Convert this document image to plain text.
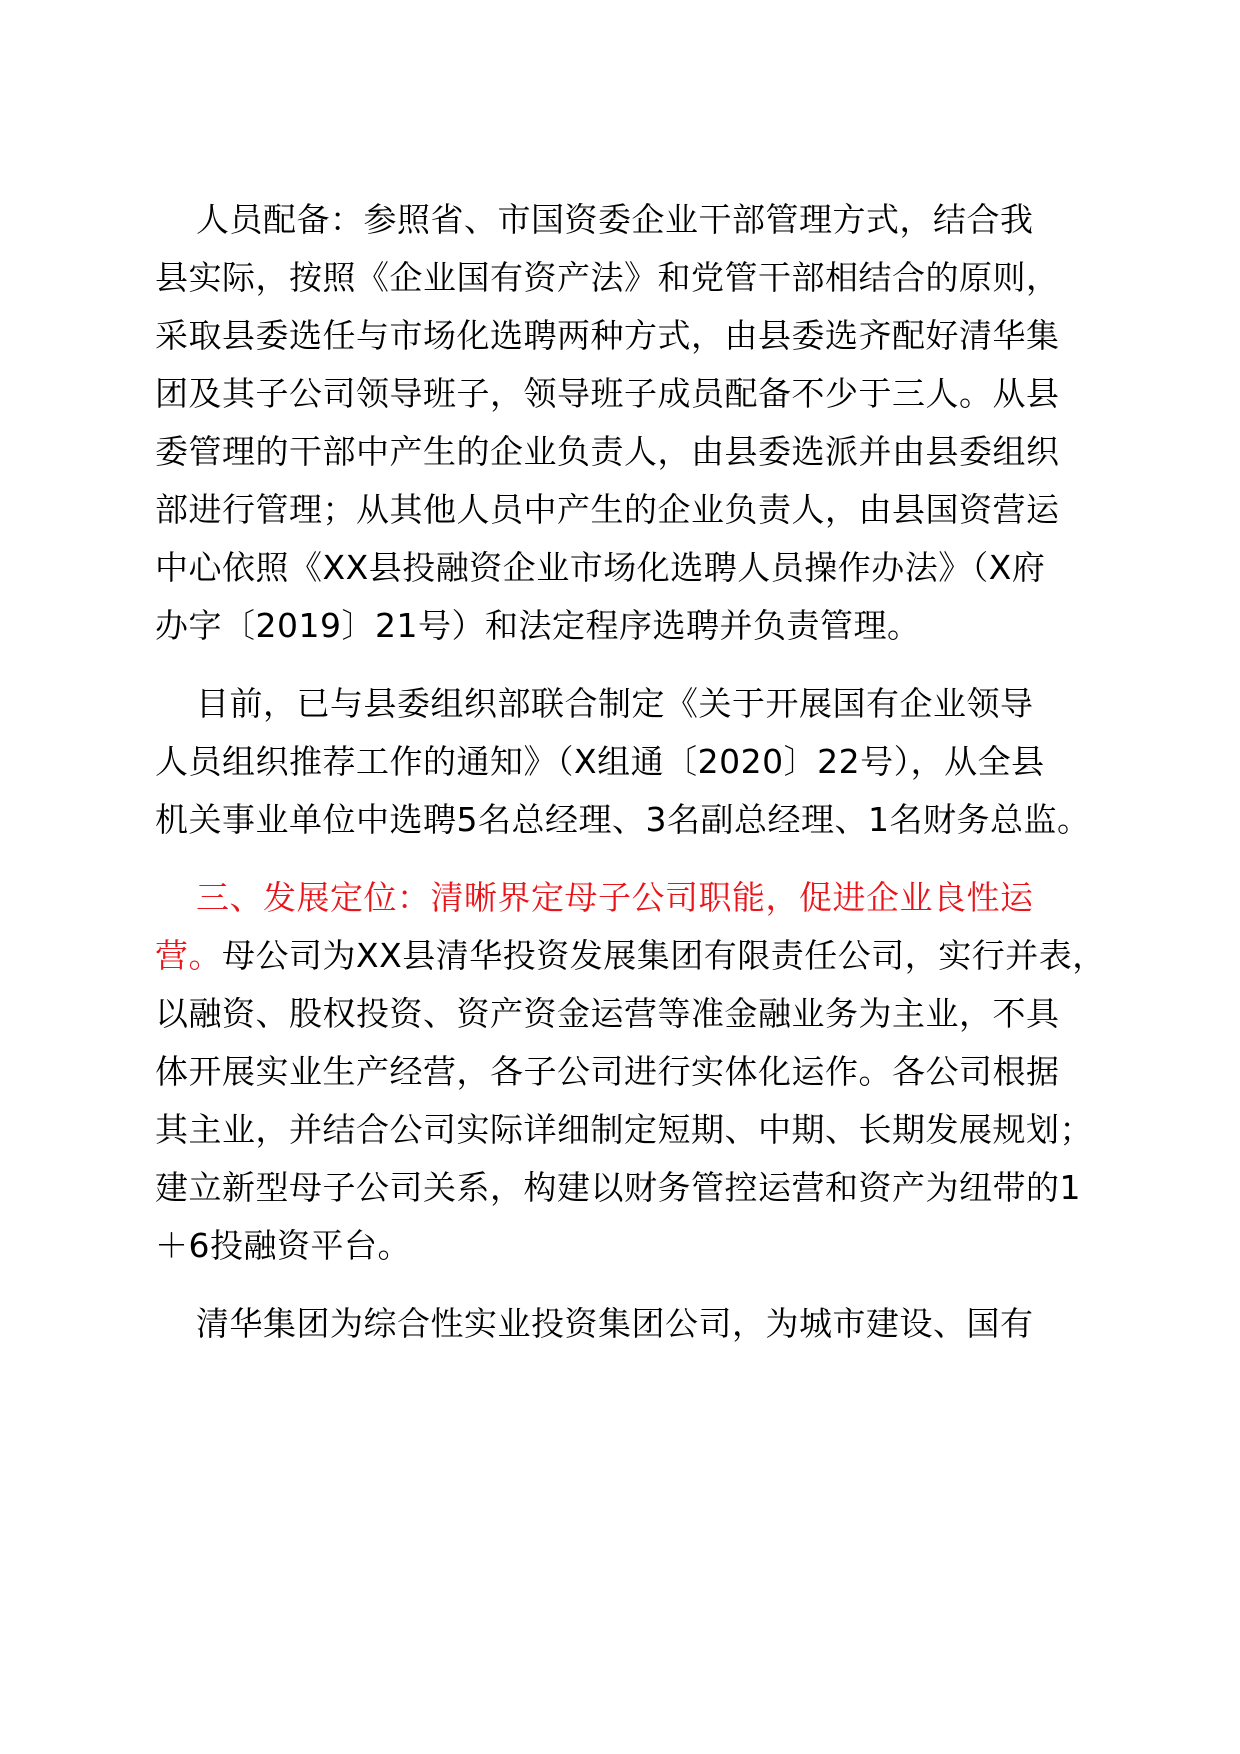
人员配备：参照省、市国资委企业干部管理方式，结合我
县实际，按照《企业国有资产法》和党管干部相结合的原则，
采取县委选任与市场化选聘两种方式，由县委选齐配好清华集
团及其子公司领导班子，领导班子成员配备不少于三人。从县
委管理的干部中产生的企业负责人，由县委选派并由县委组织
部进行管理；从其他人员中产生的企业负责人，由县国资营运
中心依照《XX县投融资企业市场化选聘人员操作办法》（X府
办字〔2019〕21号）和法定程序选聘并负责管理。
目前，已与县委组织部联合制定《关于开展国有企业领导
人员组织推荐工作的通知》（X组通〔2020〕22号），从全县
机关事业单位中选聘5名总经理、3名副总经理、1名财务总监。
三、发展定位：清晰界定母子公司职能，促进企业良性运
营。母公司为XX县清华投资发展集团有限责任公司，实行并表，
以融资、股权投资、资产资金运营等准金融业务为主业，不具
体开展实业生产经营，各子公司进行实体化运作。各公司根据
其主业，并结合公司实际详细制定短期、中期、长期发展规划；
建立新型母子公司关系，构建以财务管控运营和资产为纽带的1
＋6投融资平台。
清华集团为综合性实业投资集团公司，为城市建设、国有
